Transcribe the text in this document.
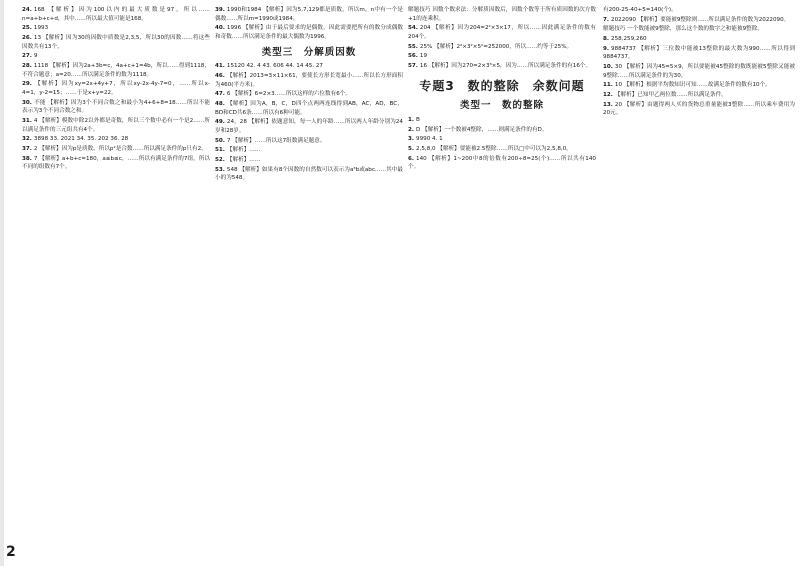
24. 168 【解析】因为100以内的最大质数是97，所以……n=a+b+c+d，其中……所以最大值可能是168。
25. 1993
26. 13 【解析】因为30的因数中质数是2,3,5，所以30的因数……将这些因数共有13个。
27. 9
28. 1118 【解析】因为2a+3b=c，4a+c+1=4b，所以……得到1118，不符合题意；a=20……所以满足条件的数为1118。
29. 【解析】因为xy=2x+4y+7，所以xy-2x-4y-7=0，……所以x-4=1，y-2=15；……于是x+y=22。
30. 不能 【解析】因为3个不同合数之和最小为4+6+8=18……所以不能表示为3个不同合数之和。
31. 4 【解析】模数中除2以外都是奇数，所以三个数中必有一个是2……所以满足条件的三元组共有4个。
32. 3898 33. 2021 34. 35. 202 36. 28
37. 2 【解析】因为p是质数，所以p²是合数……所以满足条件的p只有2。
38. 7 【解析】a+b+c=180，a≤b≤c，……所以有满足条件的7组，所以不同的组数有7个。
39. 1990和1984 【解析】因为5,7,129都是质数，所以m，n中有一个是偶数……所以m=1990或1984。
40. 1996 【解析】由于最后要求的是偶数，因此需要把所有的数分成偶数和奇数……所以满足条件的最大偶数为1996。
类型三　分解质因数
41. 15120 42. 4 43. 606 44. 14 45. 27
46. 【解析】2013=3×11×61，要使长方形长宽最小……所以长方形面积为460(平方米)。
47. 6 【解析】6=2×3……所以这样的六位数有6个。
48. 【解析】因为A，B，C，D四个点两两连线得到AB，AC，AD，BC，BD和CD共6条……所以有6种可能。
49. 24，28 【解析】依题意知，每一人的年龄……所以两人年龄分别为24岁和28岁。
50. 7 【解析】……所以这7组数满足题意。
51. 【解析】……
52. 【解析】……
53. 548 【解析】如果有8个因数的自然数可以表示为a³b或abc……其中最小的为548。
解题技巧 因数个数求法：分解质因数后，因数个数等于所有质因数的次方数+1的连乘积。
54. 204 【解析】因为204=2²×3×17，所以……因此满足条件的数有204个。
55. 25% 【解析】2²×3²×5²=252000，所以……约等于25%。
56. 19
57. 16 【解析】因为270=2×3³×5，因为……所以满足条件的有16个。
专题3　数的整除　余数问题
类型一　数的整除
1. B
2. D 【解析】一个数被4整除，……则满足条件的有D。
3. 9990 4. 1
5. 2,5,8,0 【解析】要能被2.5整除……所以□中可以为2,5,8,0。
6. 140 【解析】1~200中8的倍数有200÷8=25(个)……所以共有140个。
有200-25-40+5=140(个)。
7. 2022090 【解析】要能被9整除则……所以满足条件的数为2022090。
解题技巧 一个数能被9整除，那么这个数的数字之和能被9整除。
8. 258,259,260
9. 9884737 【解析】三位数中能被13整除的最大数为990……所以得到9884737。
10. 30 【解析】因为45=5×9，所以要能被45整除的数既能被5整除又能被9整除……所以满足条件的为30。
11. 10 【解析】根据平均数知识可知……故满足条件的数有10个。
12. 【解析】已知甲乙两位数……所以满足条件。
13. 20 【解析】由题得两人买的货物总重量能被3整除……所以乘车费用为20元。
2
